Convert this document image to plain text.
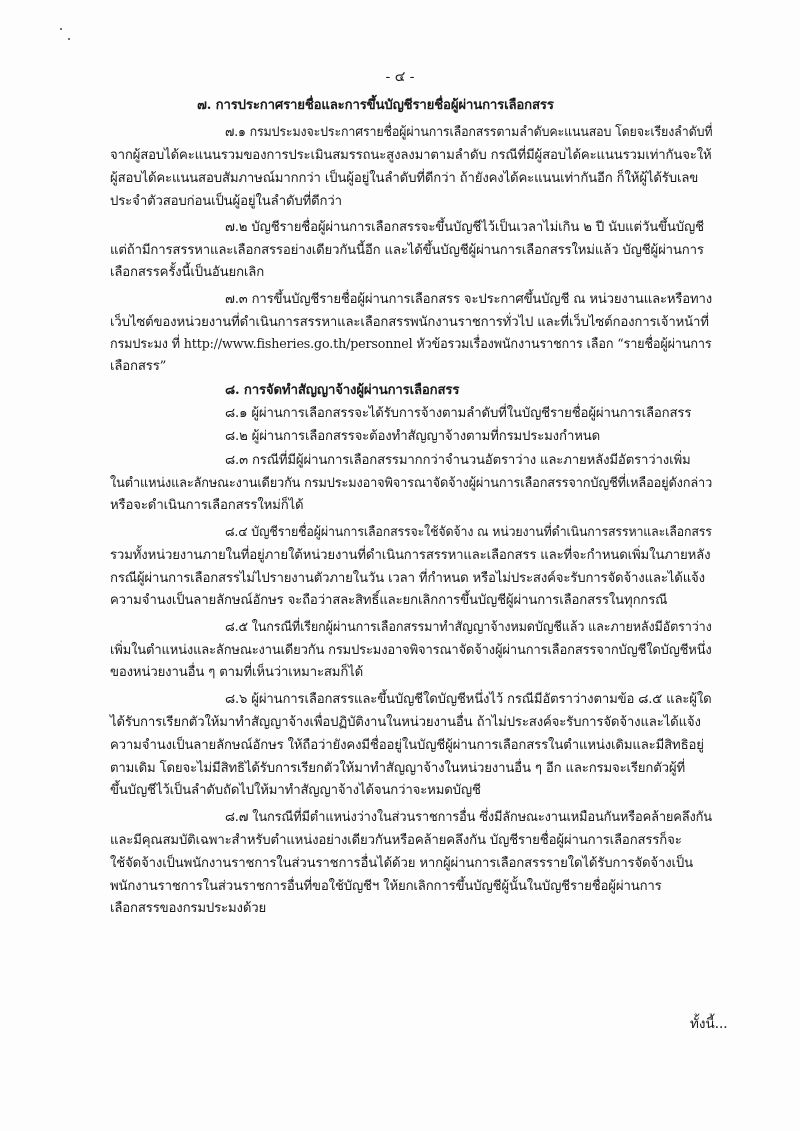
- ๔ -
๗. การประกาศรายชื่อและการขึ้นบัญชีรายชื่อผู้ผ่านการเลือกสรร
๗.๑ กรมประมงจะประกาศรายชื่อผู้ผ่านการเลือกสรรตามลำดับคะแนนสอบ โดยจะเรียงลำดับที่
จากผู้สอบได้คะแนนรวมของการประเมินสมรรถนะสูงลงมาตามลำดับ กรณีที่มีผู้สอบได้คะแนนรวมเท่ากันจะให้
ผู้สอบได้คะแนนสอบสัมภาษณ์มากกว่า เป็นผู้อยู่ในลำดับที่ดีกว่า ถ้ายังคงได้คะแนนเท่ากันอีก ก็ให้ผู้ได้รับเลข
ประจำตัวสอบก่อนเป็นผู้อยู่ในลำดับที่ดีกว่า
๗.๒ บัญชีรายชื่อผู้ผ่านการเลือกสรรจะขึ้นบัญชีไว้เป็นเวลาไม่เกิน ๒ ปี นับแต่วันขึ้นบัญชี
แต่ถ้ามีการสรรหาและเลือกสรรอย่างเดียวกันนี้อีก และได้ขึ้นบัญชีผู้ผ่านการเลือกสรรใหม่แล้ว บัญชีผู้ผ่านการ
เลือกสรรครั้งนี้เป็นอันยกเลิก
๗.๓ การขึ้นบัญชีรายชื่อผู้ผ่านการเลือกสรร จะประกาศขึ้นบัญชี ณ หน่วยงานและหรือทาง
เว็บไซต์ของหน่วยงานที่ดำเนินการสรรหาและเลือกสรรพนักงานราชการทั่วไป และที่เว็บไซต์กองการเจ้าหน้าที่
กรมประมง ที่ http://www.fisheries.go.th/personnel หัวข้อรวมเรื่องพนักงานราชการ เลือก “รายชื่อผู้ผ่านการ
เลือกสรร”
๘. การจัดทำสัญญาจ้างผู้ผ่านการเลือกสรร
๘.๑ ผู้ผ่านการเลือกสรรจะได้รับการจ้างตามลำดับที่ในบัญชีรายชื่อผู้ผ่านการเลือกสรร
๘.๒ ผู้ผ่านการเลือกสรรจะต้องทำสัญญาจ้างตามที่กรมประมงกำหนด
๘.๓ กรณีที่มีผู้ผ่านการเลือกสรรมากกว่าจำนวนอัตราว่าง และภายหลังมีอัตราว่างเพิ่ม
ในตำแหน่งและลักษณะงานเดียวกัน กรมประมงอาจพิจารณาจัดจ้างผู้ผ่านการเลือกสรรจากบัญชีที่เหลืออยู่ดังกล่าว
หรือจะดำเนินการเลือกสรรใหม่ก็ได้
๘.๔ บัญชีรายชื่อผู้ผ่านการเลือกสรรจะใช้จัดจ้าง ณ หน่วยงานที่ดำเนินการสรรหาและเลือกสรร
รวมทั้งหน่วยงานภายในที่อยู่ภายใต้หน่วยงานที่ดำเนินการสรรหาและเลือกสรร และที่จะกำหนดเพิ่มในภายหลัง
กรณีผู้ผ่านการเลือกสรรไม่ไปรายงานตัวภายในวัน เวลา ที่กำหนด หรือไม่ประสงค์จะรับการจัดจ้างและได้แจ้ง
ความจำนงเป็นลายลักษณ์อักษร จะถือว่าสละสิทธิ์และยกเลิกการขึ้นบัญชีผู้ผ่านการเลือกสรรในทุกกรณี
๘.๕ ในกรณีที่เรียกผู้ผ่านการเลือกสรรมาทำสัญญาจ้างหมดบัญชีแล้ว และภายหลังมีอัตราว่าง
เพิ่มในตำแหน่งและลักษณะงานเดียวกัน กรมประมงอาจพิจารณาจัดจ้างผู้ผ่านการเลือกสรรจากบัญชีใดบัญชีหนึ่ง
ของหน่วยงานอื่น ๆ ตามที่เห็นว่าเหมาะสมก็ได้
๘.๖ ผู้ผ่านการเลือกสรรและขึ้นบัญชีใดบัญชีหนึ่งไว้ กรณีมีอัตราว่างตามข้อ ๘.๕ และผู้ใด
ได้รับการเรียกตัวให้มาทำสัญญาจ้างเพื่อปฏิบัติงานในหน่วยงานอื่น ถ้าไม่ประสงค์จะรับการจัดจ้างและได้แจ้ง
ความจำนงเป็นลายลักษณ์อักษร ให้ถือว่ายังคงมีชื่ออยู่ในบัญชีผู้ผ่านการเลือกสรรในตำแหน่งเดิมและมีสิทธิอยู่
ตามเดิม โดยจะไม่มีสิทธิได้รับการเรียกตัวให้มาทำสัญญาจ้างในหน่วยงานอื่น ๆ อีก และกรมจะเรียกตัวผู้ที่
ขึ้นบัญชีไว้เป็นลำดับถัดไปให้มาทำสัญญาจ้างได้จนกว่าจะหมดบัญชี
๘.๗ ในกรณีที่มีตำแหน่งว่างในส่วนราชการอื่น ซึ่งมีลักษณะงานเหมือนกันหรือคล้ายคลึงกัน
และมีคุณสมบัติเฉพาะสำหรับตำแหน่งอย่างเดียวกันหรือคล้ายคลึงกัน บัญชีรายชื่อผู้ผ่านการเลือกสรรก็จะ
ใช้จัดจ้างเป็นพนักงานราชการในส่วนราชการอื่นได้ด้วย หากผู้ผ่านการเลือกสรรรายใดได้รับการจัดจ้างเป็น
พนักงานราชการในส่วนราชการอื่นที่ขอใช้บัญชีฯ ให้ยกเลิกการขึ้นบัญชีผู้นั้นในบัญชีรายชื่อผู้ผ่านการ
เลือกสรรของกรมประมงด้วย
ทั้งนี้...
